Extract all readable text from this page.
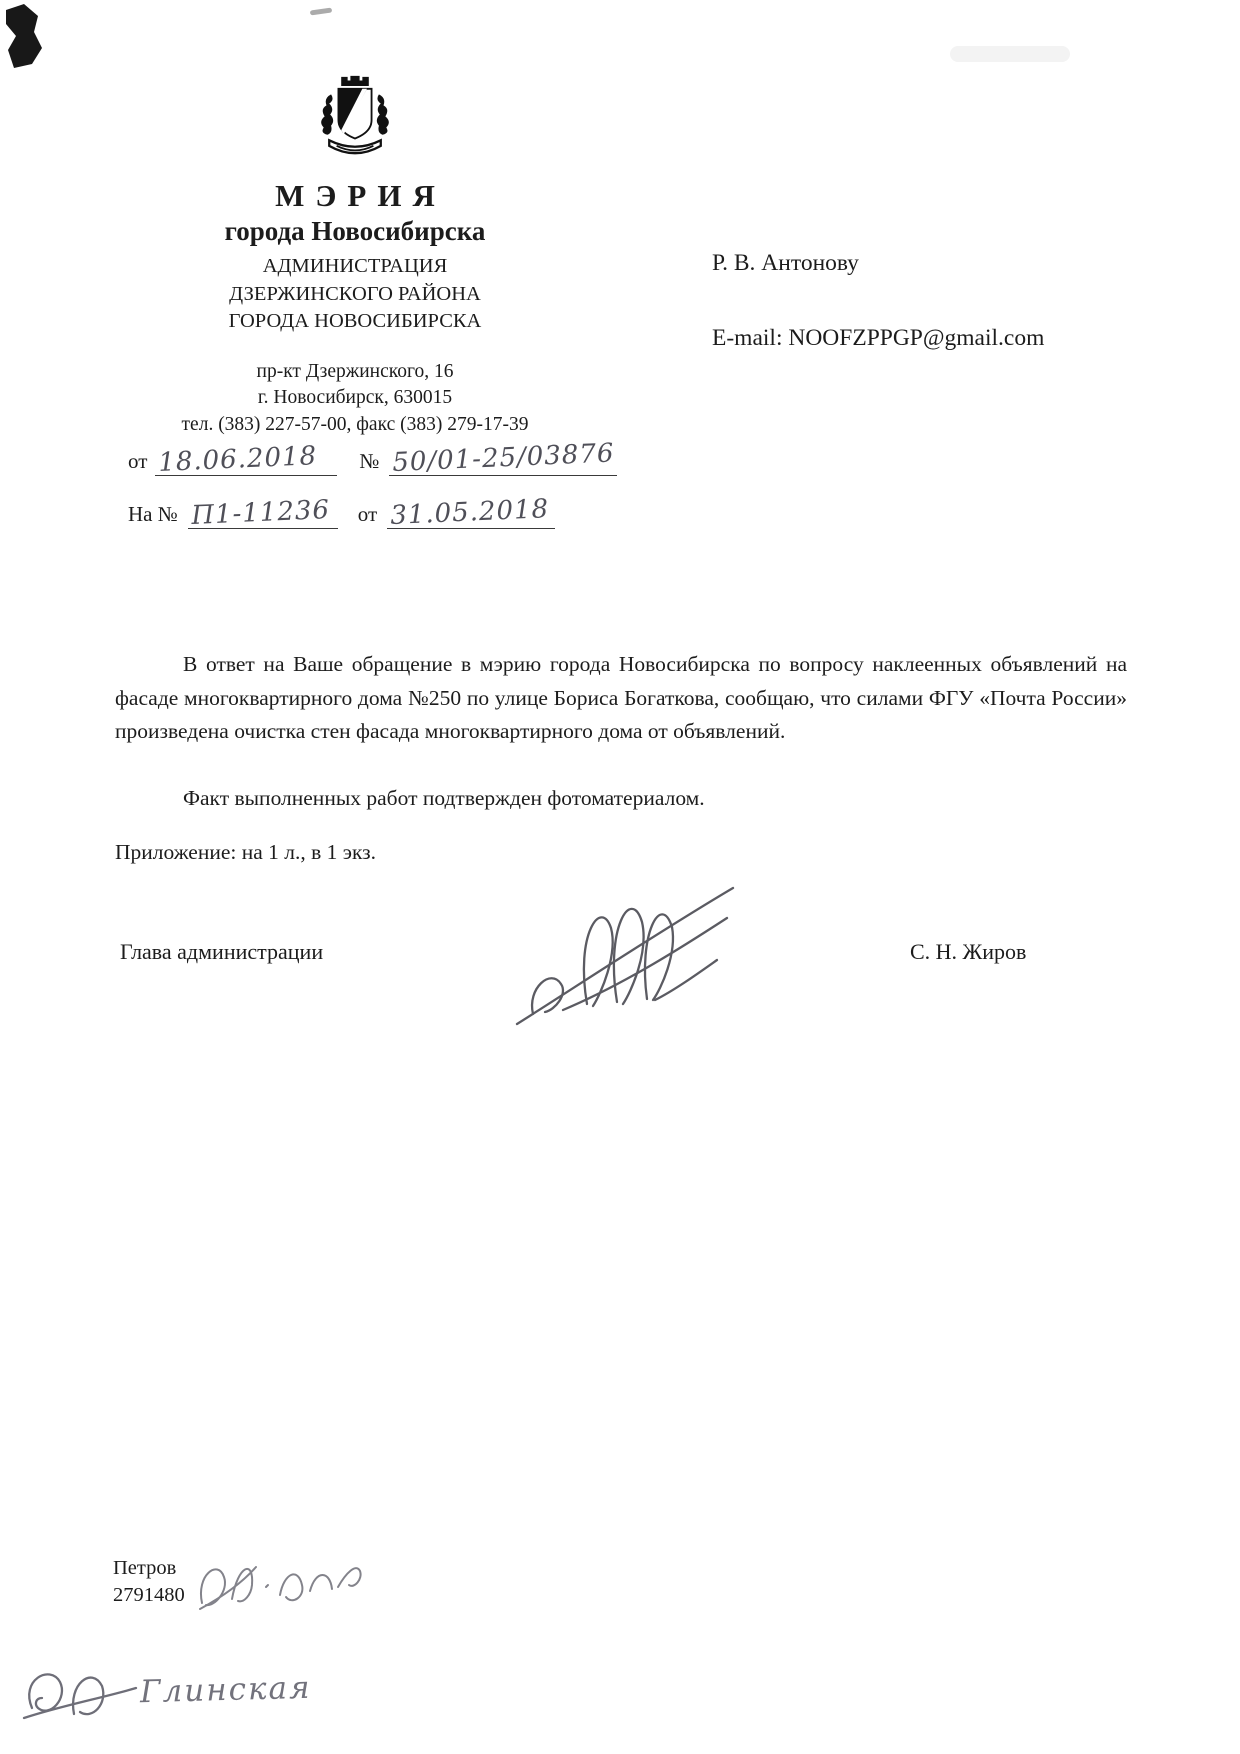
МЭРИЯ
города Новосибирска
АДМИНИСТРАЦИЯ
ДЗЕРЖИНСКОГО РАЙОНА
ГОРОДА НОВОСИБИРСКА
пр-кт Дзержинского, 16
г. Новосибирск, 630015
тел. (383) 227-57-00, факс (383) 279-17-39
от 18.06.2018 № 50/01-25/03876
На № П1-11236 от 31.05.2018
Р. В. Антонову
E-mail: NOOFZPPGP@gmail.com

В ответ на Ваше обращение в мэрию города Новосибирска по вопросу наклеенных объявлений на фасаде многоквартирного дома №250 по улице Бориса Богаткова, сообщаю, что силами ФГУ «Почта России» произведена очистка стен фасада многоквартирного дома от объявлений.

Факт выполненных работ подтвержден фотоматериалом.

Приложение: на 1 л., в 1 экз.
Глава администрации	С. Н. Жиров
Петров
2791480
Глинская
